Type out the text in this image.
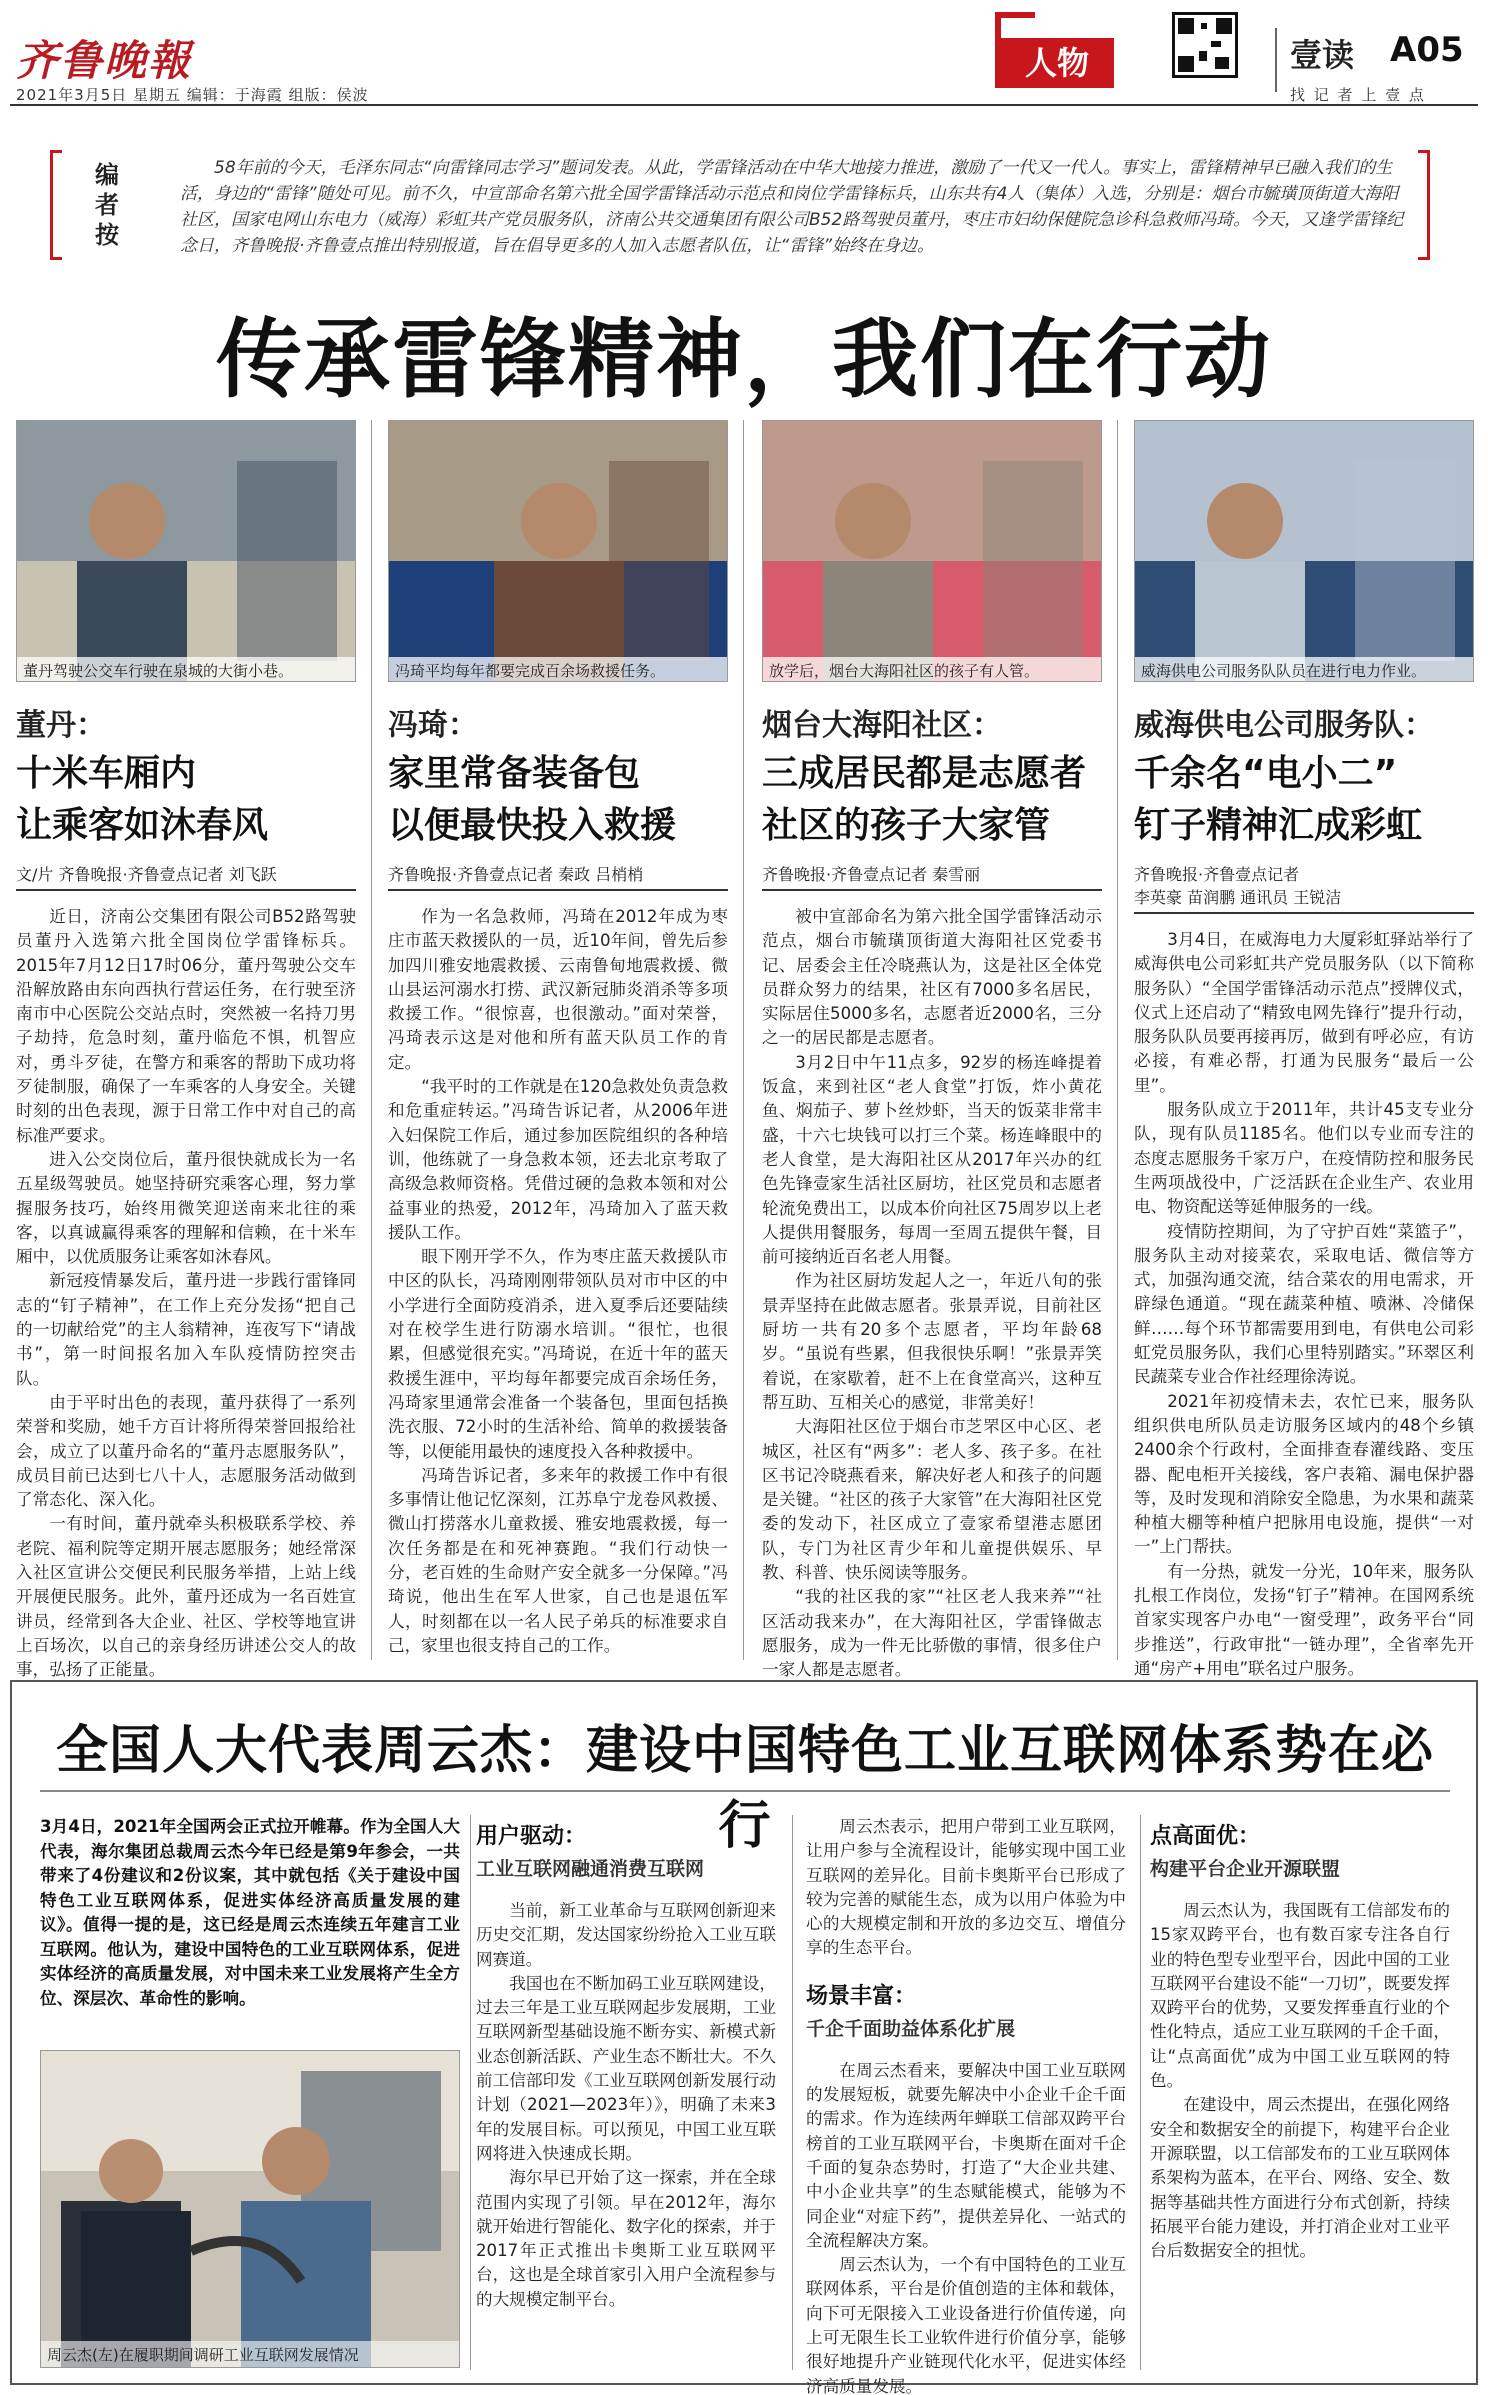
齐鲁晚報
2021年3月5日 星期五 编辑：于海霞 组版：侯波
人物	壹读 A05
找 记 者 上 壹 点
编者按
58年前的今天，毛泽东同志“向雷锋同志学习”题词发表。从此，学雷锋活动在中华大地接力推进，激励了一代又一代人。事实上，雷锋精神早已融入我们的生活，身边的“雷锋”随处可见。前不久，中宣部命名第六批全国学雷锋活动示范点和岗位学雷锋标兵，山东共有4人（集体）入选，分别是：烟台市毓璜顶街道大海阳社区，国家电网山东电力（威海）彩虹共产党员服务队，济南公共交通集团有限公司B52路驾驶员董丹，枣庄市妇幼保健院急诊科急救师冯琦。今天，又逢学雷锋纪念日，齐鲁晚报·齐鲁壹点推出特别报道，旨在倡导更多的人加入志愿者队伍，让“雷锋”始终在身边。
传承雷锋精神，我们在行动
董丹驾驶公交车行驶在泉城的大街小巷。
董丹：
十米车厢内
让乘客如沐春风
文/片 齐鲁晚报·齐鲁壹点记者 刘飞跃

近日，济南公交集团有限公司B52路驾驶员董丹入选第六批全国岗位学雷锋标兵。2015年7月12日17时06分，董丹驾驶公交车沿解放路由东向西执行营运任务，在行驶至济南市中心医院公交站点时，突然被一名持刀男子劫持，危急时刻，董丹临危不惧，机智应对，勇斗歹徒，在警方和乘客的帮助下成功将歹徒制服，确保了一车乘客的人身安全。关键时刻的出色表现，源于日常工作中对自己的高标准严要求。

进入公交岗位后，董丹很快就成长为一名五星级驾驶员。她坚持研究乘客心理，努力掌握服务技巧，始终用微笑迎送南来北往的乘客，以真诚赢得乘客的理解和信赖，在十米车厢中，以优质服务让乘客如沐春风。

新冠疫情暴发后，董丹进一步践行雷锋同志的“钉子精神”，在工作上充分发扬“把自己的一切献给党”的主人翁精神，连夜写下“请战书”，第一时间报名加入车队疫情防控突击队。

由于平时出色的表现，董丹获得了一系列荣誉和奖励，她千方百计将所得荣誉回报给社会，成立了以董丹命名的“董丹志愿服务队”，成员目前已达到七八十人，志愿服务活动做到了常态化、深入化。

一有时间，董丹就牵头积极联系学校、养老院、福利院等定期开展志愿服务；她经常深入社区宣讲公交便民利民服务举措，上站上线开展便民服务。此外，董丹还成为一名百姓宣讲员，经常到各大企业、社区、学校等地宣讲上百场次，以自己的亲身经历讲述公交人的故事，弘扬了正能量。

冯琦平均每年都要完成百余场救援任务。
冯琦：
家里常备装备包
以便最快投入救援
齐鲁晚报·齐鲁壹点记者 秦政 吕梢梢

作为一名急救师，冯琦在2012年成为枣庄市蓝天救援队的一员，近10年间，曾先后参加四川雅安地震救援、云南鲁甸地震救援、微山县运河溺水打捞、武汉新冠肺炎消杀等多项救援工作。“很惊喜，也很激动。”面对荣誉，冯琦表示这是对他和所有蓝天队员工作的肯定。

“我平时的工作就是在120急救处负责急救和危重症转运。”冯琦告诉记者，从2006年进入妇保院工作后，通过参加医院组织的各种培训，他练就了一身急救本领，还去北京考取了高级急救师资格。凭借过硬的急救本领和对公益事业的热爱，2012年，冯琦加入了蓝天救援队工作。

眼下刚开学不久，作为枣庄蓝天救援队市中区的队长，冯琦刚刚带领队员对市中区的中小学进行全面防疫消杀，进入夏季后还要陆续对在校学生进行防溺水培训。“很忙，也很累，但感觉很充实。”冯琦说，在近十年的蓝天救援生涯中，平均每年都要完成百余场任务，冯琦家里通常会准备一个装备包，里面包括换洗衣服、72小时的生活补给、简单的救援装备等，以便能用最快的速度投入各种救援中。

冯琦告诉记者，多来年的救援工作中有很多事情让他记忆深刻，江苏阜宁龙卷风救援、微山打捞落水儿童救援、雅安地震救援，每一次任务都是在和死神赛跑。“我们行动快一分，老百姓的生命财产安全就多一分保障。”冯琦说，他出生在军人世家，自己也是退伍军人，时刻都在以一名人民子弟兵的标准要求自己，家里也很支持自己的工作。

放学后，烟台大海阳社区的孩子有人管。
烟台大海阳社区：
三成居民都是志愿者
社区的孩子大家管
齐鲁晚报·齐鲁壹点记者 秦雪丽

被中宣部命名为第六批全国学雷锋活动示范点，烟台市毓璜顶街道大海阳社区党委书记、居委会主任冷晓燕认为，这是社区全体党员群众努力的结果，社区有7000多名居民，实际居住5000多名，志愿者近2000名，三分之一的居民都是志愿者。

3月2日中午11点多，92岁的杨连峰提着饭盒，来到社区“老人食堂”打饭，炸小黄花鱼、焖茄子、萝卜丝炒虾，当天的饭菜非常丰盛，十六七块钱可以打三个菜。杨连峰眼中的老人食堂，是大海阳社区从2017年兴办的红色先锋壹家生活社区厨坊，社区党员和志愿者轮流免费出工，以成本价向社区75周岁以上老人提供用餐服务，每周一至周五提供午餐，目前可接纳近百名老人用餐。

作为社区厨坊发起人之一，年近八旬的张景弄坚持在此做志愿者。张景弄说，目前社区厨坊一共有20多个志愿者，平均年龄68岁。“虽说有些累，但我很快乐啊！”张景弄笑着说，在家歇着，赶不上在食堂高兴，这种互帮互助、互相关心的感觉，非常美好！

大海阳社区位于烟台市芝罘区中心区、老城区，社区有“两多”：老人多、孩子多。在社区书记冷晓燕看来，解决好老人和孩子的问题是关键。“社区的孩子大家管”在大海阳社区党委的发动下，社区成立了壹家希望港志愿团队，专门为社区青少年和儿童提供娱乐、早教、科普、快乐阅读等服务。

“我的社区我的家”“社区老人我来养”“社区活动我来办”，在大海阳社区，学雷锋做志愿服务，成为一件无比骄傲的事情，很多住户一家人都是志愿者。

威海供电公司服务队队员在进行电力作业。
威海供电公司服务队：
千余名“电小二”
钉子精神汇成彩虹
齐鲁晚报·齐鲁壹点记者
李英豪 苗润鹏 通讯员 王锐洁

3月4日，在威海电力大厦彩虹驿站举行了威海供电公司彩虹共产党员服务队（以下简称服务队）“全国学雷锋活动示范点”授牌仪式，仪式上还启动了“精致电网先锋行”提升行动，服务队队员要再接再厉，做到有呼必应，有访必接，有难必帮，打通为民服务“最后一公里”。

服务队成立于2011年，共计45支专业分队，现有队员1185名。他们以专业而专注的态度志愿服务千家万户，在疫情防控和服务民生两项战役中，广泛活跃在企业生产、农业用电、物资配送等延伸服务的一线。

疫情防控期间，为了守护百姓“菜篮子”，服务队主动对接菜农，采取电话、微信等方式，加强沟通交流，结合菜农的用电需求，开辟绿色通道。“现在蔬菜种植、喷淋、冷储保鲜……每个环节都需要用到电，有供电公司彩虹党员服务队，我们心里特别踏实。”环翠区利民蔬菜专业合作社经理徐涛说。

2021年初疫情未去，农忙已来，服务队组织供电所队员走访服务区域内的48个乡镇2400余个行政村，全面排查春灌线路、变压器、配电柜开关接线，客户表箱、漏电保护器等，及时发现和消除安全隐患，为水果和蔬菜种植大棚等种植户把脉用电设施，提供“一对一”上门帮扶。

有一分热，就发一分光，10年来，服务队扎根工作岗位，发扬“钉子”精神。在国网系统首家实现客户办电“一窗受理”，政务平台“同步推送”，行政审批“一链办理”，全省率先开通“房产+用电”联名过户服务。

全国人大代表周云杰：建设中国特色工业互联网体系势在必行
3月4日，2021年全国两会正式拉开帷幕。作为全国人大代表，海尔集团总裁周云杰今年已经是第9年参会，一共带来了4份建议和2份议案，其中就包括《关于建设中国特色工业互联网体系，促进实体经济高质量发展的建议》。值得一提的是，这已经是周云杰连续五年建言工业互联网。他认为，建设中国特色的工业互联网体系，促进实体经济的高质量发展，对中国未来工业发展将产生全方位、深层次、革命性的影响。
周云杰(左)在履职期间调研工业互联网发展情况
用户驱动：
工业互联网融通消费互联网

当前，新工业革命与互联网创新迎来历史交汇期，发达国家纷纷抢入工业互联网赛道。

我国也在不断加码工业互联网建设，过去三年是工业互联网起步发展期，工业互联网新型基础设施不断夯实、新模式新业态创新活跃、产业生态不断壮大。不久前工信部印发《工业互联网创新发展行动计划（2021—2023年）》，明确了未来3年的发展目标。可以预见，中国工业互联网将进入快速成长期。

海尔早已开始了这一探索，并在全球范围内实现了引领。早在2012年，海尔就开始进行智能化、数字化的探索，并于2017年正式推出卡奥斯工业互联网平台，这也是全球首家引入用户全流程参与的大规模定制平台。

周云杰表示，把用户带到工业互联网，让用户参与全流程设计，能够实现中国工业互联网的差异化。目前卡奥斯平台已形成了较为完善的赋能生态，成为以用户体验为中心的大规模定制和开放的多边交互、增值分享的生态平台。

场景丰富：
千企千面助益体系化扩展

在周云杰看来，要解决中国工业互联网的发展短板，就要先解决中小企业千企千面的需求。作为连续两年蝉联工信部双跨平台榜首的工业互联网平台，卡奥斯在面对千企千面的复杂态势时，打造了“大企业共建、中小企业共享”的生态赋能模式，能够为不同企业“对症下药”，提供差异化、一站式的全流程解决方案。

周云杰认为，一个有中国特色的工业互联网体系，平台是价值创造的主体和载体，向下可无限接入工业设备进行价值传递，向上可无限生长工业软件进行价值分享，能够很好地提升产业链现代化水平，促进实体经济高质量发展。

点高面优：
构建平台企业开源联盟

周云杰认为，我国既有工信部发布的15家双跨平台，也有数百家专注各自行业的特色型专业型平台，因此中国的工业互联网平台建设不能“一刀切”，既要发挥双跨平台的优势，又要发挥垂直行业的个性化特点，适应工业互联网的千企千面，让“点高面优”成为中国工业互联网的特色。

在建设中，周云杰提出，在强化网络安全和数据安全的前提下，构建平台企业开源联盟，以工信部发布的工业互联网体系架构为蓝本，在平台、网络、安全、数据等基础共性方面进行分布式创新，持续拓展平台能力建设，并打消企业对工业平台后数据安全的担忧。
